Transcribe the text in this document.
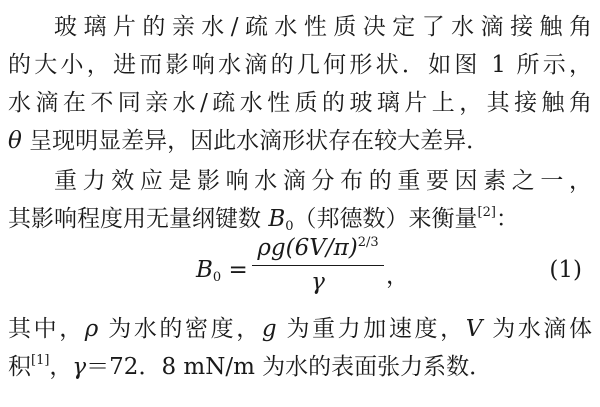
玻璃片的亲水/疏水性质决定了水滴接触角
的大小，进而影响水滴的几何形状．如图 1 所示，
水滴在不同亲水/疏水性质的玻璃片上，其接触角
θ 呈现明显差异，因此水滴形状存在较大差异．
重力效应是影响水滴分布的重要因素之一，
其影响程度用无量纲键数 $B_0$（邦德数）来衡量[2]：
$B_0$ =
$\rho g(6V/\pi)^{2/3}$
γ	，	(1)
其中，ρ 为水的密度，g 为重力加速度，V 为水滴体
积[1]，γ＝72．8 mN/m 为水的表面张力系数．
